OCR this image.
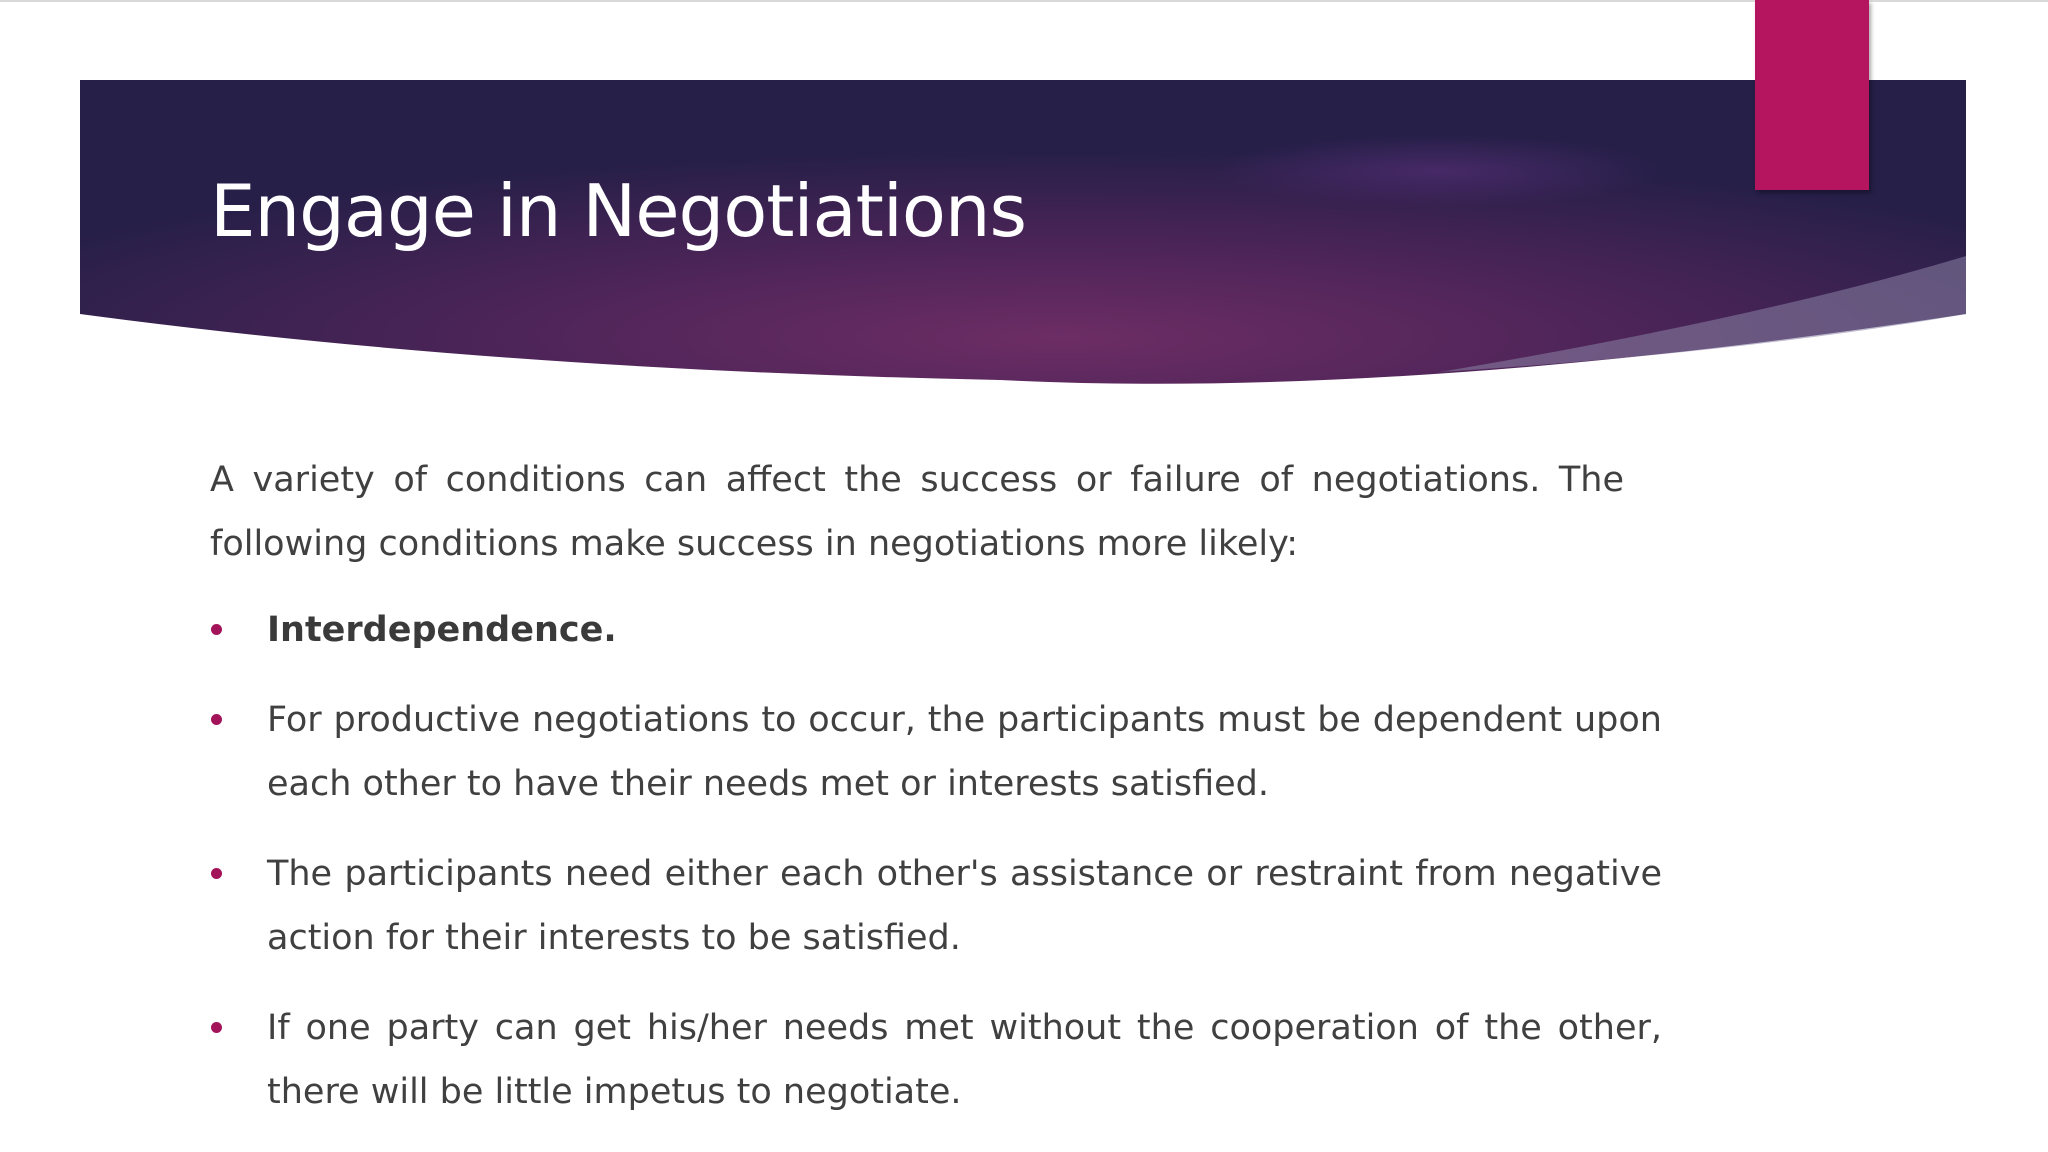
Engage in Negotiations

A variety of conditions can affect the success or failure of negotiations. The following conditions make success in negotiations more likely:

Interdependence.
For productive negotiations to occur, the participants must be dependent upon each other to have their needs met or interests satisfied.
The participants need either each other's assistance or restraint from negative action for their interests to be satisfied.
If one party can get his/her needs met without the cooperation of the other, there will be little impetus to negotiate.
